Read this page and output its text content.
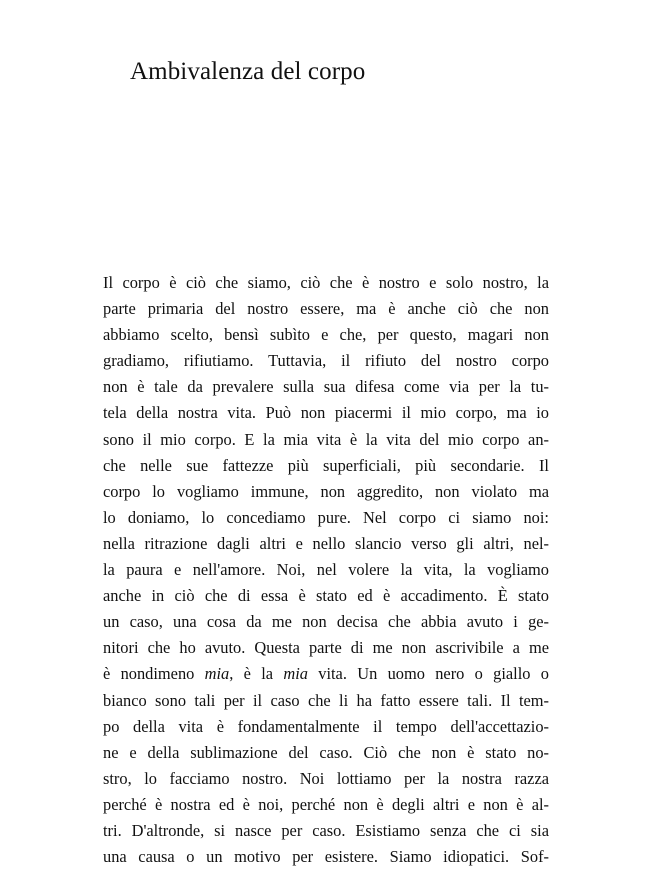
Ambivalenza del corpo
Il corpo è ciò che siamo, ciò che è nostro e solo nostro, la
parte primaria del nostro essere, ma è anche ciò che non
abbiamo scelto, bensì subìto e che, per questo, magari non
gradiamo, rifiutiamo. Tuttavia, il rifiuto del nostro corpo
non è tale da prevalere sulla sua difesa come via per la tu-
tela della nostra vita. Può non piacermi il mio corpo, ma io
sono il mio corpo. E la mia vita è la vita del mio corpo an-
che nelle sue fattezze più superficiali, più secondarie. Il
corpo lo vogliamo immune, non aggredito, non violato ma
lo doniamo, lo concediamo pure. Nel corpo ci siamo noi:
nella ritrazione dagli altri e nello slancio verso gli altri, nel-
la paura e nell'amore. Noi, nel volere la vita, la vogliamo
anche in ciò che di essa è stato ed è accadimento. È stato
un caso, una cosa da me non decisa che abbia avuto i ge-
nitori che ho avuto. Questa parte di me non ascrivibile a me
è nondimeno mia, è la mia vita. Un uomo nero o giallo o
bianco sono tali per il caso che li ha fatto essere tali. Il tem-
po della vita è fondamentalmente il tempo dell'accettazio-
ne e della sublimazione del caso. Ciò che non è stato no-
stro, lo facciamo nostro. Noi lottiamo per la nostra razza
perché è nostra ed è noi, perché non è degli altri e non è al-
tri. D'altronde, si nasce per caso. Esistiamo senza che ci sia
una causa o un motivo per esistere. Siamo idiopatici. Sof-
